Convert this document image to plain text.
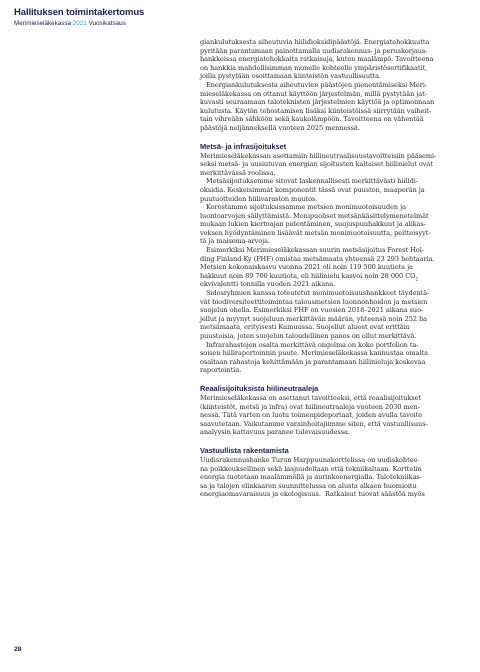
Hallituksen toimintakertomus
Merimieseläkekassa 2021 Vuosikatsaus
giankulutuksesta aiheutuvia hiilidioksidipäästöjä. Energiatehokkuutta
pyritään parantamaan painottamalla uudisrakennus- ja peruskorjaus-
hankkeissa energiatehokkaita ratkaisuja, kuten maalämpö. Tavoitteena
on hankkia mahdollisimman monelle kohteelle ympäristösertifikaatit,
joilla pystytään osoittamaan kiinteistön vastuullisuutta.
Energiankulutuksesta aiheutuvien päästöjen pienentämiseksi Meri-
mieseläkekassa on ottanut käyttöön järjestelmän, millä pystytään jat-
kuvasti seuraamaan taloteknisten järjestelmien käyttöä ja optimoimaan
kulutusta. Käytön tehostamisen lisäksi kiinteistöissä siirrytään vaiheit-
tain vihreään sähköön sekä kaukolämpöön. Tavoitteena on vähentää
päästöjä neljänneksellä vuoteen 2025 mennessä.
Metsä- ja infrasijoitukset
Merimieseläkekassan asettamiin hiilineutraalisuustavoitteisiin pääsemi-
seksi metsä- ja uusiutuvan energian sijoitusten kaltaiset hiilinielut ovat
merkittävässä roolissa.
Metsäsijoituksemme sitovat laskennallisesti merkittävästi hiilidi-
oksidia. Keskeisimmät komponentit tässä ovat puuston, maaperän ja
puutuotteiden hiilivaraston muutos.
Korostamme sijoituksissamme metsien monimuotoisuuden ja
luontoarvojen säilyttämistä. Monipuoliset metsänkäsittelymenetelmät
mukaan lukien kiertoajan pidentäminen, suojuspuuhakkuut ja alikas-
voksen hyödyntäminen lisäävät metsän monimuotoisuutta, peitteisyyt-
tä ja maisema-arvoja.
Esimerkiksi Merimieseläkekassan suurin metsäsijoitus Forest Hol-
ding Finland Ky (FHF) omistaa metsämaata yhteensä 23 293 hehtaaria.
Metsien kokonaiskasvu vuonna 2021 oli noin 119 500 kuutiota ja
hakkuut noin 89 700 kuutiota, eli hiilinielu kasvoi noin 28 000 $CO_2$
ekvivalentti tonnilla vuoden 2021 aikana.
Sidosryhmien kanssa toteutetut monimuotoisuushankkeet täydentä-
vät biodiversiteettitoimintaa talousmetsien luonnonhoidon ja metsien
suojelun ohella. Esimerkiksi FHF on vuosien 2018–2021 aikana suo-
jellut ja myynyt suojeluun merkittävän määrän, yhteensä noin 252 ha
metsämaata, erityisesti Kainuussa. Suojellut alueet ovat erittäin
puustoisia, joten suojelun taloudellinen panos on ollut merkittävä.
Infrarahastojen osalta merkittävä ongelma on koko portfolion ta-
soisen hiiliraportoinnin puute. Merimieseläkekassa kannustaa omalta
osaltaan rahastoja kehittämään ja parantamaan hiilinieluja koskevaa
raportointia.
Reaalisijoituksista hiilineutraaleja
Merimieseläkekassa on asettanut tavoitteeksi, että reaalisijoitukset
(kiinteistöt, metsä ja infra) ovat hiilineutraaleja vuoteen 2030 men-
nessä. Tätä varten on luotu toimenpideportaat, joiden avulla tavoite
saavutetaan. Vaikutamme varainhoitajiimme siten, että vastuullisuus-
analyysin kattavuus paranee tulevaisuudessa.
Vastuullista rakentamista
Uudisrakennushanke Turun Harppuunakorttelissa on uudiskohtee-
na poikkeuksellinen sekä laajuudeltaan että tekniikaltaan. Korttelin
energia tuotetaan maalämmöllä ja aurinkoenergialla. Talotekniikas-
sa ja talojen elinkaaren suunnittelussa on alusta alkaen huomioitu
energiaomavaraisuus ja ekologisuus.  Ratkaisut tuovat säästöä myös
28
